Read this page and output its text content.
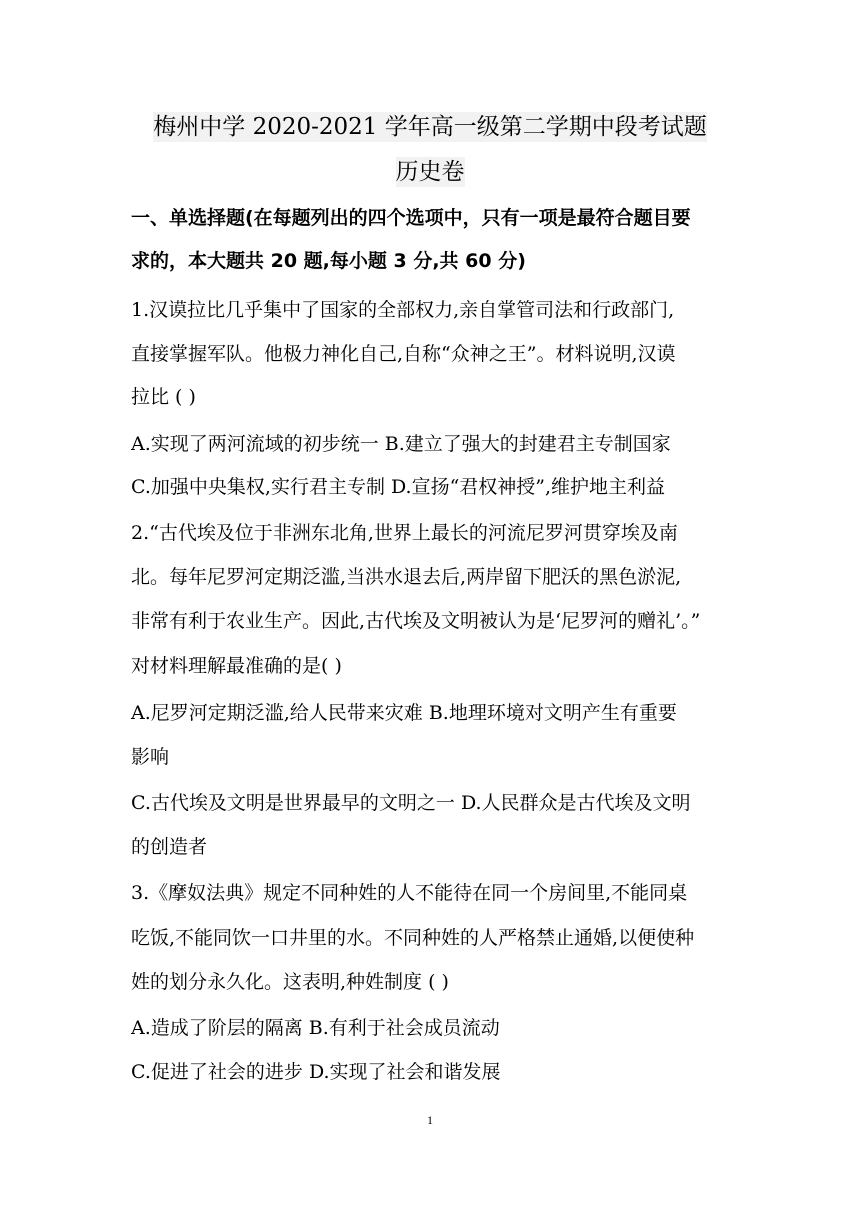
梅州中学 2020-2021 学年高一级第二学期中段考试题
历史卷
一、单选择题(在每题列出的四个选项中，只有一项是最符合题目要
求的，本大题共 20 题,每小题 3 分,共 60 分)
1.汉谟拉比几乎集中了国家的全部权力,亲自掌管司法和行政部门,
直接掌握军队。他极力神化自己,自称“众神之王”。材料说明,汉谟
拉比 ( )
A.实现了两河流域的初步统一 B.建立了强大的封建君主专制国家
C.加强中央集权,实行君主专制 D.宣扬“君权神授”,维护地主利益
2.“古代埃及位于非洲东北角,世界上最长的河流尼罗河贯穿埃及南
北。每年尼罗河定期泛滥,当洪水退去后,两岸留下肥沃的黑色淤泥,
非常有利于农业生产。因此,古代埃及文明被认为是‘尼罗河的赠礼’。”
对材料理解最准确的是( )
A.尼罗河定期泛滥,给人民带来灾难 B.地理环境对文明产生有重要
影响
C.古代埃及文明是世界最早的文明之一 D.人民群众是古代埃及文明
的创造者
3.《摩奴法典》规定不同种姓的人不能待在同一个房间里,不能同桌
吃饭,不能同饮一口井里的水。不同种姓的人严格禁止通婚,以便使种
姓的划分永久化。这表明,种姓制度 ( )
A.造成了阶层的隔离 B.有利于社会成员流动
C.促进了社会的进步 D.实现了社会和谐发展
1
